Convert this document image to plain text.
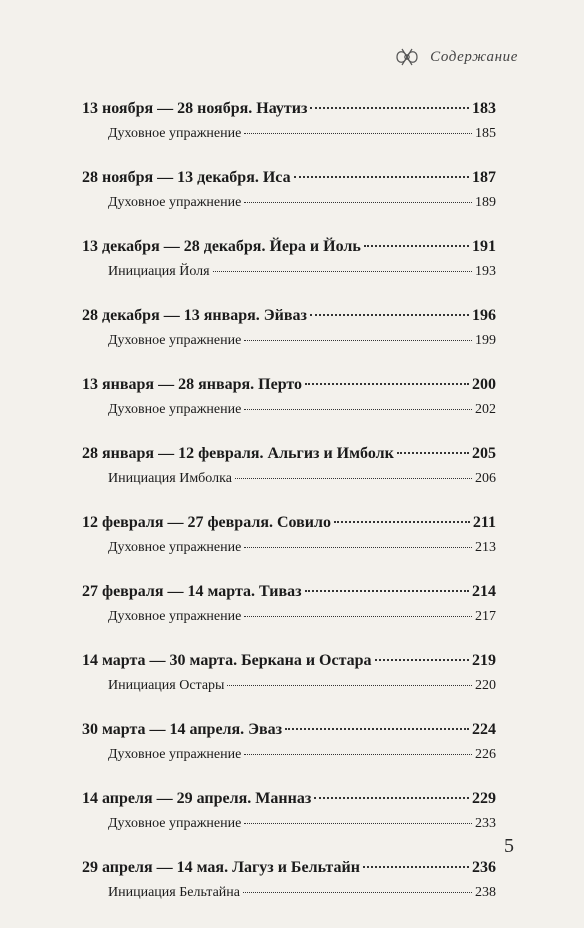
Содержание
13 ноября — 28 ноября. Наутиз	183
Духовное упражнение	185
28 ноября — 13 декабря. Иса	187
Духовное упражнение	189
13 декабря — 28 декабря. Йера и Йоль	191
Инициация Йоля	193
28 декабря — 13 января. Эйваз	196
Духовное упражнение	199
13 января — 28 января. Перто	200
Духовное упражнение	202
28 января — 12 февраля. Альгиз и Имболк	205
Инициация Имболка	206
12 февраля — 27 февраля. Совило	211
Духовное упражнение	213
27 февраля — 14 марта. Тиваз	214
Духовное упражнение	217
14 марта — 30 марта. Беркана и Остара	219
Инициация Остары	220
30 марта — 14 апреля. Эваз	224
Духовное упражнение	226
14 апреля — 29 апреля. Манназ	229
Духовное упражнение	233
29 апреля — 14 мая. Лагуз и Бельтайн	236
Инициация Бельтайна	238
5
